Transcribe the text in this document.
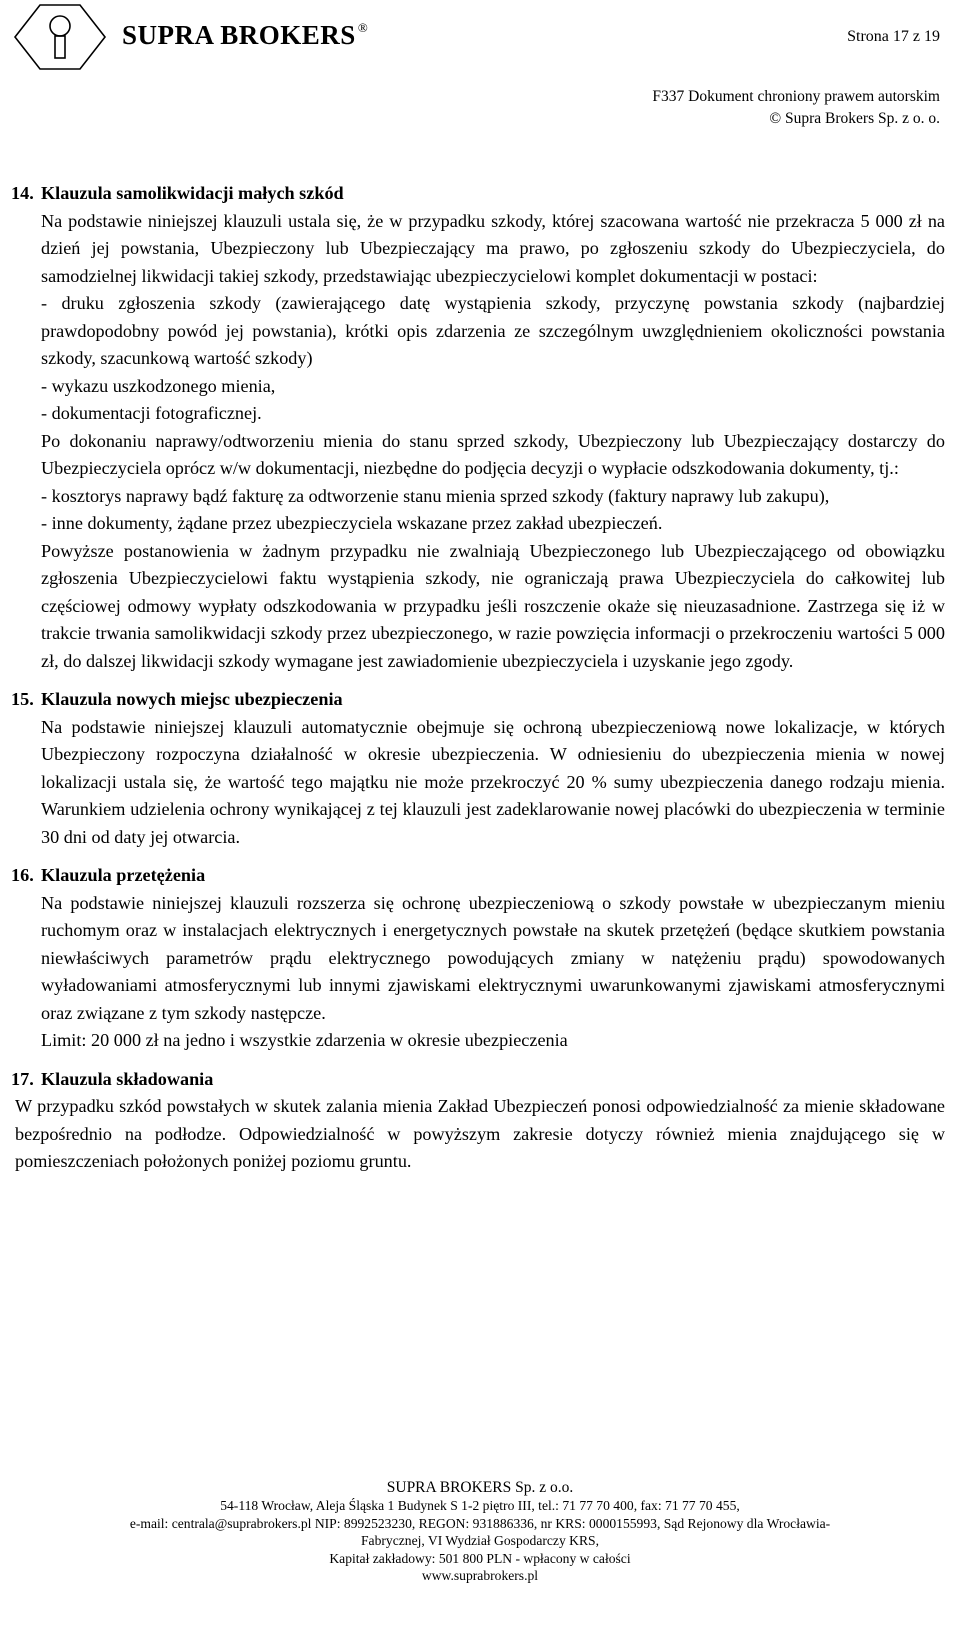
SUPRA BROKERS ®
Strona 17 z 19
F337 Dokument chroniony prawem autorskim
© Supra Brokers Sp. z o. o.
14. Klauzula samolikwidacji małych szkód

Na podstawie niniejszej klauzuli ustala się, że w przypadku szkody, której szacowana wartość nie przekracza 5 000 zł na dzień jej powstania, Ubezpieczony lub Ubezpieczający ma prawo, po zgłoszeniu szkody do Ubezpieczyciela, do samodzielnej likwidacji takiej szkody, przedstawiając ubezpieczycielowi komplet dokumentacji w postaci:

- druku zgłoszenia szkody (zawierającego datę wystąpienia szkody, przyczynę powstania szkody (najbardziej prawdopodobny powód jej powstania), krótki opis zdarzenia ze szczególnym uwzględnieniem okoliczności powstania szkody, szacunkową wartość szkody)

- wykazu uszkodzonego mienia,

- dokumentacji fotograficznej.

Po dokonaniu naprawy/odtworzeniu mienia do stanu sprzed szkody, Ubezpieczony lub Ubezpieczający dostarczy do Ubezpieczyciela oprócz w/w dokumentacji, niezbędne do podjęcia decyzji o wypłacie odszkodowania dokumenty, tj.:

- kosztorys naprawy bądź fakturę za odtworzenie stanu mienia sprzed szkody (faktury naprawy lub zakupu),

- inne dokumenty, żądane przez ubezpieczyciela wskazane przez zakład ubezpieczeń.

Powyższe postanowienia w żadnym przypadku nie zwalniają Ubezpieczonego lub Ubezpieczającego od obowiązku zgłoszenia Ubezpieczycielowi faktu wystąpienia szkody, nie ograniczają prawa Ubezpieczyciela do całkowitej lub częściowej odmowy wypłaty odszkodowania w przypadku jeśli roszczenie okaże się nieuzasadnione. Zastrzega się iż w trakcie trwania samolikwidacji szkody przez ubezpieczonego, w razie powzięcia informacji o przekroczeniu wartości 5 000 zł, do dalszej likwidacji szkody wymagane jest zawiadomienie ubezpieczyciela i uzyskanie jego zgody.

15. Klauzula nowych miejsc ubezpieczenia

Na podstawie niniejszej klauzuli automatycznie obejmuje się ochroną ubezpieczeniową nowe lokalizacje, w których Ubezpieczony rozpoczyna działalność w okresie ubezpieczenia. W odniesieniu do ubezpieczenia mienia w nowej lokalizacji ustala się, że wartość tego majątku nie może przekroczyć 20 % sumy ubezpieczenia danego rodzaju mienia. Warunkiem udzielenia ochrony wynikającej z tej klauzuli jest zadeklarowanie nowej placówki do ubezpieczenia w terminie 30 dni od daty jej otwarcia.

16. Klauzula przetężenia

Na podstawie niniejszej klauzuli rozszerza się ochronę ubezpieczeniową o szkody powstałe w ubezpieczanym mieniu ruchomym oraz w instalacjach elektrycznych i energetycznych powstałe na skutek przetężeń (będące skutkiem powstania niewłaściwych parametrów prądu elektrycznego powodujących zmiany w natężeniu prądu) spowodowanych wyładowaniami atmosferycznymi lub innymi zjawiskami elektrycznymi uwarunkowanymi zjawiskami atmosferycznymi oraz związane z tym szkody następcze.

Limit: 20 000 zł na jedno i wszystkie zdarzenia w okresie ubezpieczenia

17. Klauzula składowania

W przypadku szkód powstałych w skutek zalania mienia Zakład Ubezpieczeń ponosi odpowiedzialność za mienie składowane bezpośrednio na podłodze. Odpowiedzialność w powyższym zakresie dotyczy również mienia znajdującego się w pomieszczeniach położonych poniżej poziomu gruntu.

SUPRA BROKERS Sp. z o.o.
54-118 Wrocław, Aleja Śląska 1 Budynek S 1-2 piętro III, tel.: 71 77 70 400, fax: 71 77 70 455,
e-mail: centrala@suprabrokers.pl NIP: 8992523230, REGON: 931886336, nr KRS: 0000155993, Sąd Rejonowy dla Wrocławia-
Fabrycznej, VI Wydział Gospodarczy KRS,
Kapitał zakładowy: 501 800 PLN - wpłacony w całości
www.suprabrokers.pl
